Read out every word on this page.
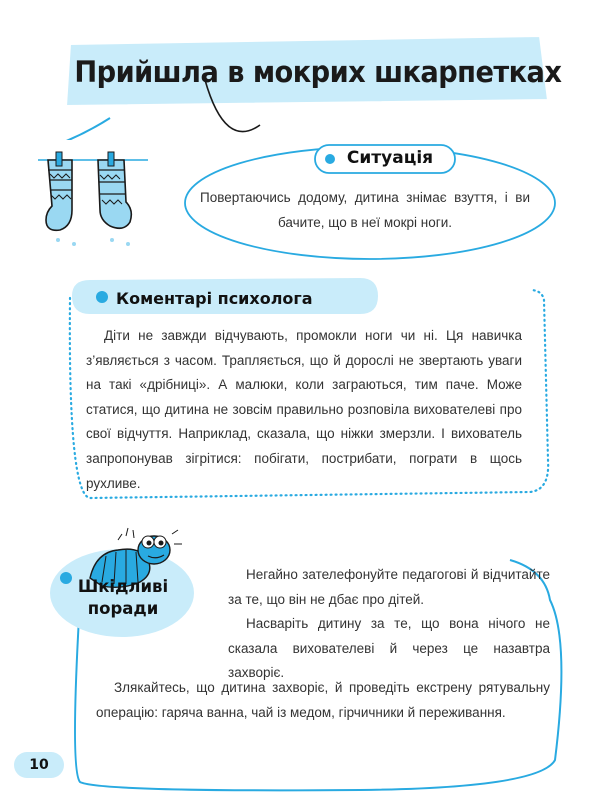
Прийшла в мокрих шкарпетках
Ситуація
Повертаючись додому, дитина знімає взуття, і ви бачите, що в неї мокрі ноги.
Коментарі психолога

Діти не завжди відчувають, промокли ноги чи ні. Ця навичка з’являється з часом. Трапляється, що й дорослі не звертають уваги на такі «дрібниці». А малюки, коли заграються, тим паче. Може статися, що дитина не зовсім правильно розповіла вихователеві про свої відчуття. Наприклад, сказала, що ніжки змерзли. І вихователь запропонував зігрітися: побігати, пострибати, пограти в щось рухливе.

Шкідливі
поради

Негайно зателефонуйте педагогові й відчитайте за те, що він не дбає про дітей.

Насваріть дитину за те, що вона нічого не сказала вихователеві й через це назавтра захворіє.

Злякайтесь, що дитина захворіє, й проведіть екстрену рятувальну операцію: гаряча ванна, чай із медом, гірчичники й переживання.

10
